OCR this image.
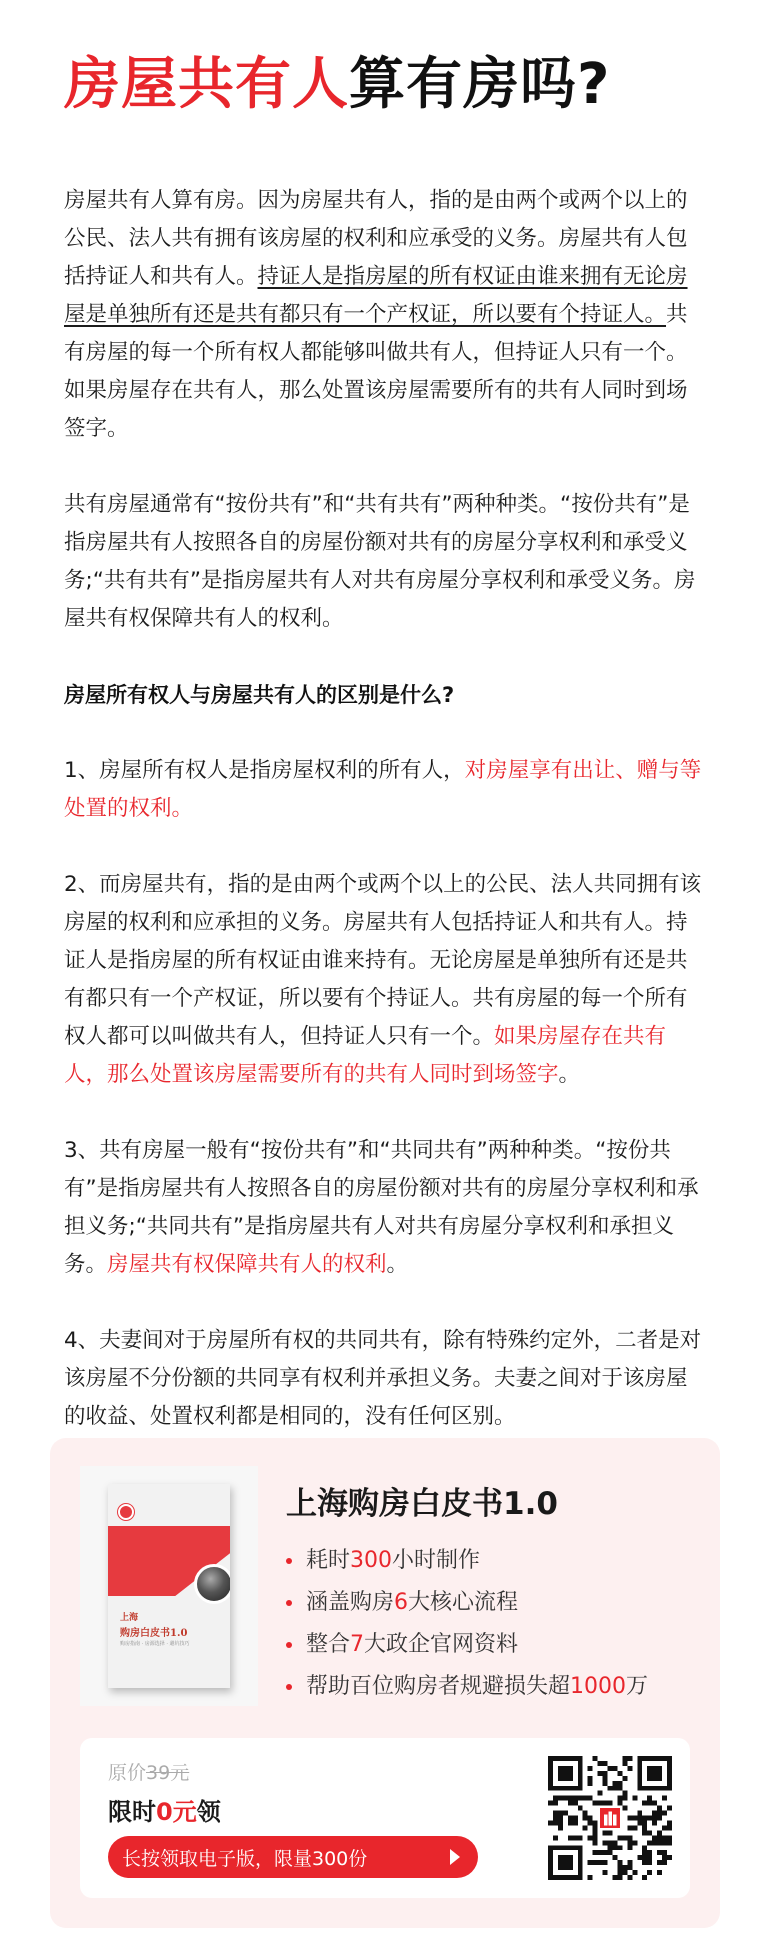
房屋共有人算有房吗?

房屋共有人算有房。因为房屋共有人，指的是由两个或两个以上的公民、法人共有拥有该房屋的权利和应承受的义务。房屋共有人包括持证人和共有人。持证人是指房屋的所有权证由谁来拥有无论房屋是单独所有还是共有都只有一个产权证，所以要有个持证人。共有房屋的每一个所有权人都能够叫做共有人，但持证人只有一个。如果房屋存在共有人，那么处置该房屋需要所有的共有人同时到场签字。

共有房屋通常有“按份共有”和“共有共有”两种种类。“按份共有”是指房屋共有人按照各自的房屋份额对共有的房屋分享权利和承受义务;“共有共有”是指房屋共有人对共有房屋分享权利和承受义务。房屋共有权保障共有人的权利。

房屋所有权人与房屋共有人的区别是什么?

1、房屋所有权人是指房屋权利的所有人，对房屋享有出让、赠与等处置的权利。

2、而房屋共有，指的是由两个或两个以上的公民、法人共同拥有该房屋的权利和应承担的义务。房屋共有人包括持证人和共有人。持证人是指房屋的所有权证由谁来持有。无论房屋是单独所有还是共有都只有一个产权证，所以要有个持证人。共有房屋的每一个所有权人都可以叫做共有人，但持证人只有一个。如果房屋存在共有人，那么处置该房屋需要所有的共有人同时到场签字。

3、共有房屋一般有“按份共有”和“共同共有”两种种类。“按份共有”是指房屋共有人按照各自的房屋份额对共有的房屋分享权利和承担义务;“共同共有”是指房屋共有人对共有房屋分享权利和承担义务。房屋共有权保障共有人的权利。

4、夫妻间对于房屋所有权的共同共有，除有特殊约定外，二者是对该房屋不分份额的共同享有权利并承担义务。夫妻之间对于该房屋的收益、处置权利都是相同的，没有任何区别。

上海
购房白皮书1.0
购房指南 · 房源选择 · 避坑技巧

上海购房白皮书1.0

耗时300小时制作
涵盖购房6大核心流程
整合7大政企官网资料
帮助百位购房者规避损失超1000万
原价39元
限时0元领
长按领取电子版，限量300份
